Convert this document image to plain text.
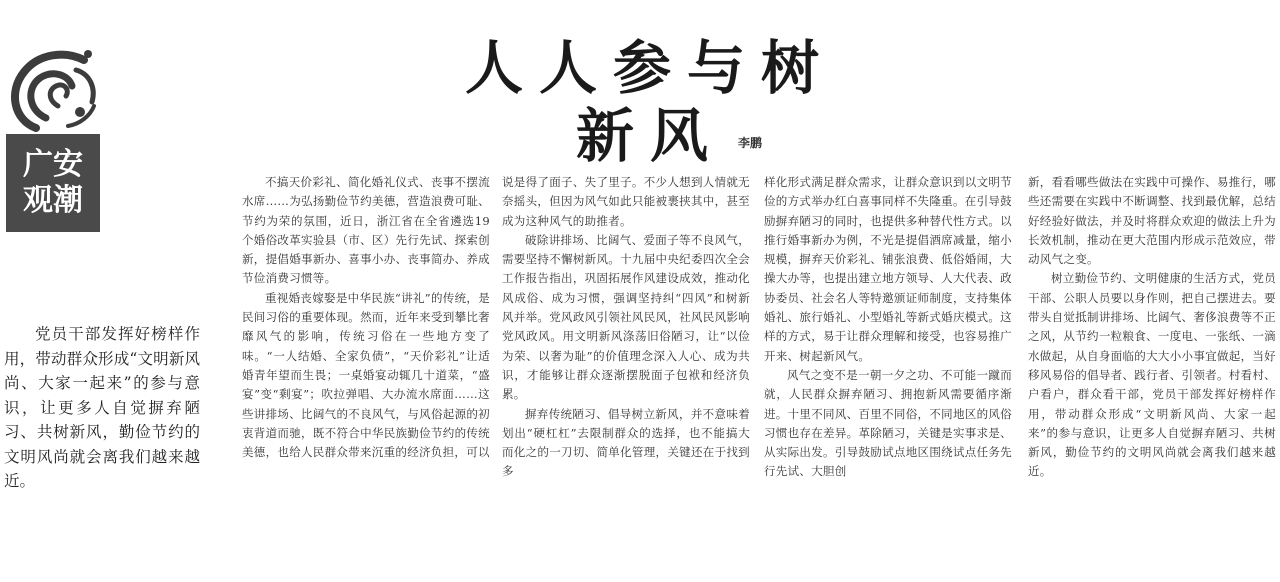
广安
观潮
人人参与树新风	李鹏

党员干部发挥好榜样作用，带动群众形成“文明新风尚、大家一起来”的参与意识，让更多人自觉摒弃陋习、共树新风，勤俭节约的文明风尚就会离我们越来越近。

不搞天价彩礼、简化婚礼仪式、丧事不摆流水席……为弘扬勤俭节约美德，营造浪费可耻、节约为荣的氛围，近日，浙江省在全省遴选19个婚俗改革实验县（市、区）先行先试、探索创新，提倡婚事新办、喜事小办、丧事简办、养成节俭消费习惯等。

重视婚丧嫁娶是中华民族“讲礼”的传统，是民间习俗的重要体现。然而，近年来受到攀比奢靡风气的影响，传统习俗在一些地方变了味。“一人结婚、全家负债”，“天价彩礼”让适婚青年望而生畏；一桌婚宴动辄几十道菜，“盛宴”变“剩宴”；吹拉弹唱、大办流水席面……这些讲排场、比阔气的不良风气，与风俗起源的初衷背道而驰，既不符合中华民族勤俭节约的传统美德，也给人民群众带来沉重的经济负担，可以

说是得了面子、失了里子。不少人想到人情就无奈摇头，但因为风气如此只能被裹挟其中，甚至成为这种风气的助推者。

破除讲排场、比阔气、爱面子等不良风气，需要坚持不懈树新风。十九届中央纪委四次全会工作报告指出，巩固拓展作风建设成效，推动化风成俗、成为习惯，强调坚持纠“四风”和树新风并举。党风政风引领社风民风，社风民风影响党风政风。用文明新风涤荡旧俗陋习，让“以俭为荣、以奢为耻”的价值理念深入人心、成为共识，才能够让群众逐渐摆脱面子包袱和经济负累。

摒弃传统陋习、倡导树立新风，并不意味着划出“硬杠杠”去限制群众的选择，也不能搞大而化之的一刀切、简单化管理，关键还在于找到多

样化形式满足群众需求，让群众意识到以文明节俭的方式举办红白喜事同样不失隆重。在引导鼓励摒弃陋习的同时，也提供多种替代性方式。以推行婚事新办为例，不光是提倡酒席减量，缩小规模，摒弃天价彩礼、铺张浪费、低俗婚闹，大操大办等，也提出建立地方领导、人大代表、政协委员、社会名人等特邀颁证师制度，支持集体婚礼、旅行婚礼、小型婚礼等新式婚庆模式。这样的方式，易于让群众理解和接受，也容易推广开来、树起新风气。

风气之变不是一朝一夕之功、不可能一蹴而就，人民群众摒弃陋习、拥抱新风需要循序渐进。十里不同风、百里不同俗，不同地区的风俗习惯也存在差异。革除陋习，关键是实事求是、从实际出发。引导鼓励试点地区围绕试点任务先行先试、大胆创

新，看看哪些做法在实践中可操作、易推行，哪些还需要在实践中不断调整、找到最优解，总结好经验好做法，并及时将群众欢迎的做法上升为长效机制，推动在更大范围内形成示范效应，带动风气之变。

树立勤俭节约、文明健康的生活方式，党员干部、公职人员要以身作则，把自己摆进去。要带头自觉抵制讲排场、比阔气、奢侈浪费等不正之风，从节约一粒粮食、一度电、一张纸、一滴水做起，从自身面临的大大小小事宜做起，当好移风易俗的倡导者、践行者、引领者。村看村、户看户，群众看干部，党员干部发挥好榜样作用，带动群众形成“文明新风尚、大家一起来”的参与意识，让更多人自觉摒弃陋习、共树新风，勤俭节约的文明风尚就会离我们越来越近。
